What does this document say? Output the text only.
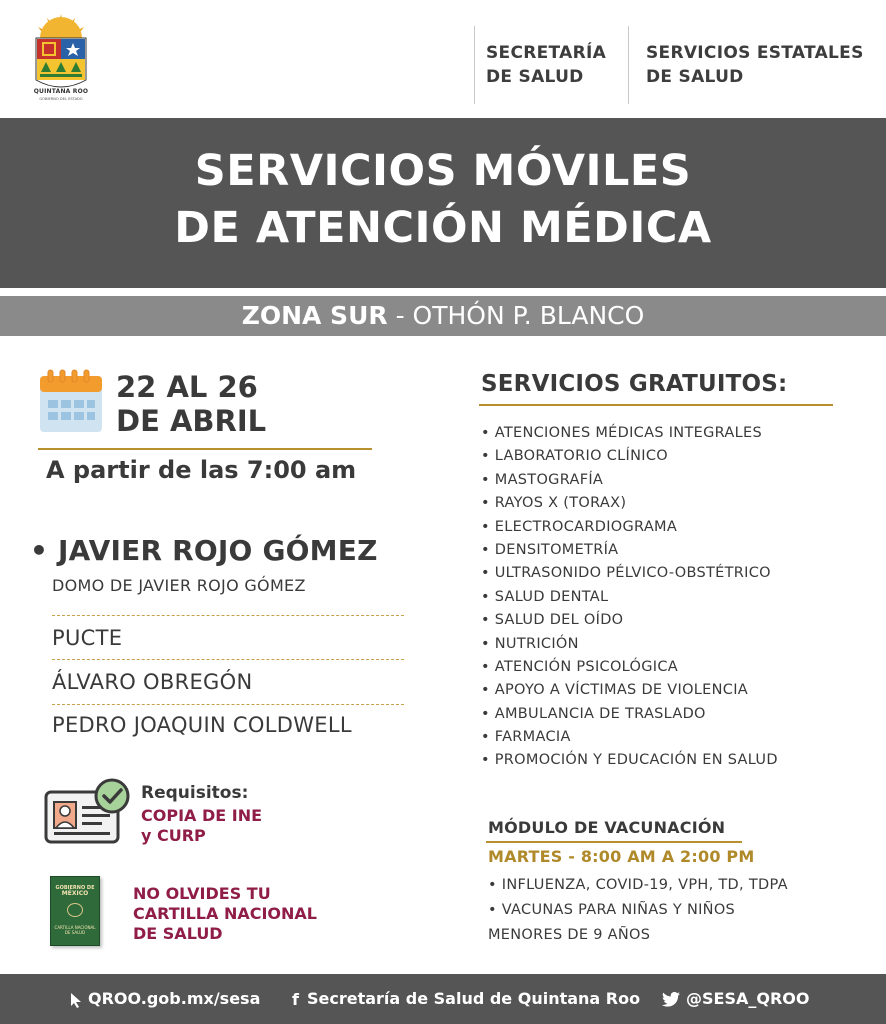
QUINTANA ROO
GOBIERNO DEL ESTADO
SECRETARÍA
DE SALUD
SERVICIOS ESTATALES
DE SALUD
SERVICIOS MÓVILES
DE ATENCIÓN MÉDICA
ZONA SUR - OTHÓN P. BLANCO
22 AL 26
DE ABRIL
A partir de las 7:00 am
• JAVIER ROJO GÓMEZ
DOMO DE JAVIER ROJO GÓMEZ
PUCTE
ÁLVARO OBREGÓN
PEDRO JOAQUIN COLDWELL
Requisitos:
COPIA DE INE
y CURP
GOBIERNO DE
MÉXICO
CARTILLA NACIONAL
DE SALUD
NO OLVIDES TU
CARTILLA NACIONAL
DE SALUD
SERVICIOS GRATUITOS:
• ATENCIONES MÉDICAS INTEGRALES
• LABORATORIO CLÍNICO
• MASTOGRAFÍA
• RAYOS X (TORAX)
• ELECTROCARDIOGRAMA
• DENSITOMETRÍA
• ULTRASONIDO PÉLVICO-OBSTÉTRICO
• SALUD DENTAL
• SALUD DEL OÍDO
• NUTRICIÓN
• ATENCIÓN PSICOLÓGICA
• APOYO A VÍCTIMAS DE VIOLENCIA
• AMBULANCIA DE TRASLADO
• FARMACIA
• PROMOCIÓN Y EDUCACIÓN EN SALUD
MÓDULO DE VACUNACIÓN
MARTES - 8:00 AM A 2:00 PM
• INFLUENZA, COVID-19, VPH, TD, TDPA
• VACUNAS PARA NIÑAS Y NIÑOS
MENORES DE 9 AÑOS
QROO.gob.mx/sesa f Secretaría de Salud de Quintana Roo	@SESA_QROO
